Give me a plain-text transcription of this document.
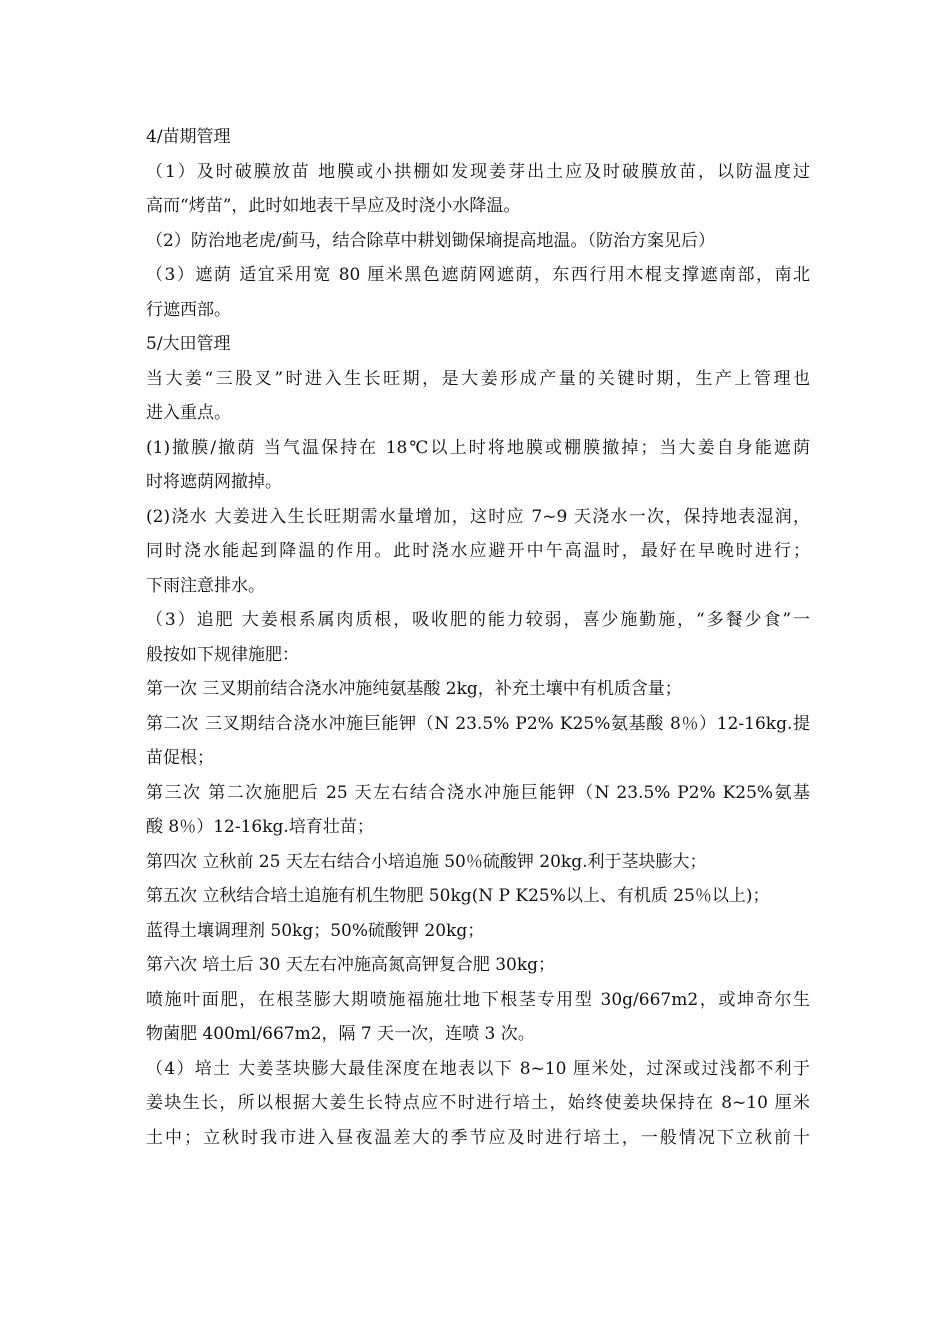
4/苗期管理
（1）及时破膜放苗 地膜或小拱棚如发现姜芽出土应及时破膜放苗，以防温度过
高而“烤苗”，此时如地表干旱应及时浇小水降温。
（2）防治地老虎/蓟马，结合除草中耕划锄保墒提高地温。（防治方案见后）
（3）遮荫 适宜采用宽 80 厘米黑色遮荫网遮荫，东西行用木棍支撑遮南部，南北
行遮西部。
5/大田管理
当大姜“三股叉”时进入生长旺期，是大姜形成产量的关键时期，生产上管理也
进入重点。
(1)撤膜/撤荫 当气温保持在 18℃以上时将地膜或棚膜撤掉；当大姜自身能遮荫
时将遮荫网撤掉。
(2)浇水 大姜进入生长旺期需水量增加，这时应 7~9 天浇水一次，保持地表湿润，
同时浇水能起到降温的作用。此时浇水应避开中午高温时，最好在早晚时进行；
下雨注意排水。
（3）追肥 大姜根系属肉质根，吸收肥的能力较弱，喜少施勤施，“多餐少食”一
般按如下规律施肥：
第一次 三叉期前结合浇水冲施纯氨基酸 2kg，补充土壤中有机质含量；
第二次 三叉期结合浇水冲施巨能钾（N 23.5% P2% K25%氨基酸 8％）12-16kg.提
苗促根；
第三次 第二次施肥后 25 天左右结合浇水冲施巨能钾（N 23.5% P2% K25%氨基
酸 8％）12-16kg.培育壮苗；
第四次 立秋前 25 天左右结合小培追施 50％硫酸钾 20kg.利于茎块膨大；
第五次 立秋结合培土追施有机生物肥 50kg(N P K25%以上、有机质 25％以上)；
蓝得土壤调理剂 50kg；50%硫酸钾 20kg；
第六次 培土后 30 天左右冲施高氮高钾复合肥 30kg；
喷施叶面肥，在根茎膨大期喷施福施壮地下根茎专用型 30g/667m2，或坤奇尔生
物菌肥 400ml/667m2，隔 7 天一次，连喷 3 次。
（4）培土 大姜茎块膨大最佳深度在地表以下 8~10 厘米处，过深或过浅都不利于
姜块生长，所以根据大姜生长特点应不时进行培土，始终使姜块保持在 8~10 厘米
土中；立秋时我市进入昼夜温差大的季节应及时进行培土，一般情况下立秋前十
